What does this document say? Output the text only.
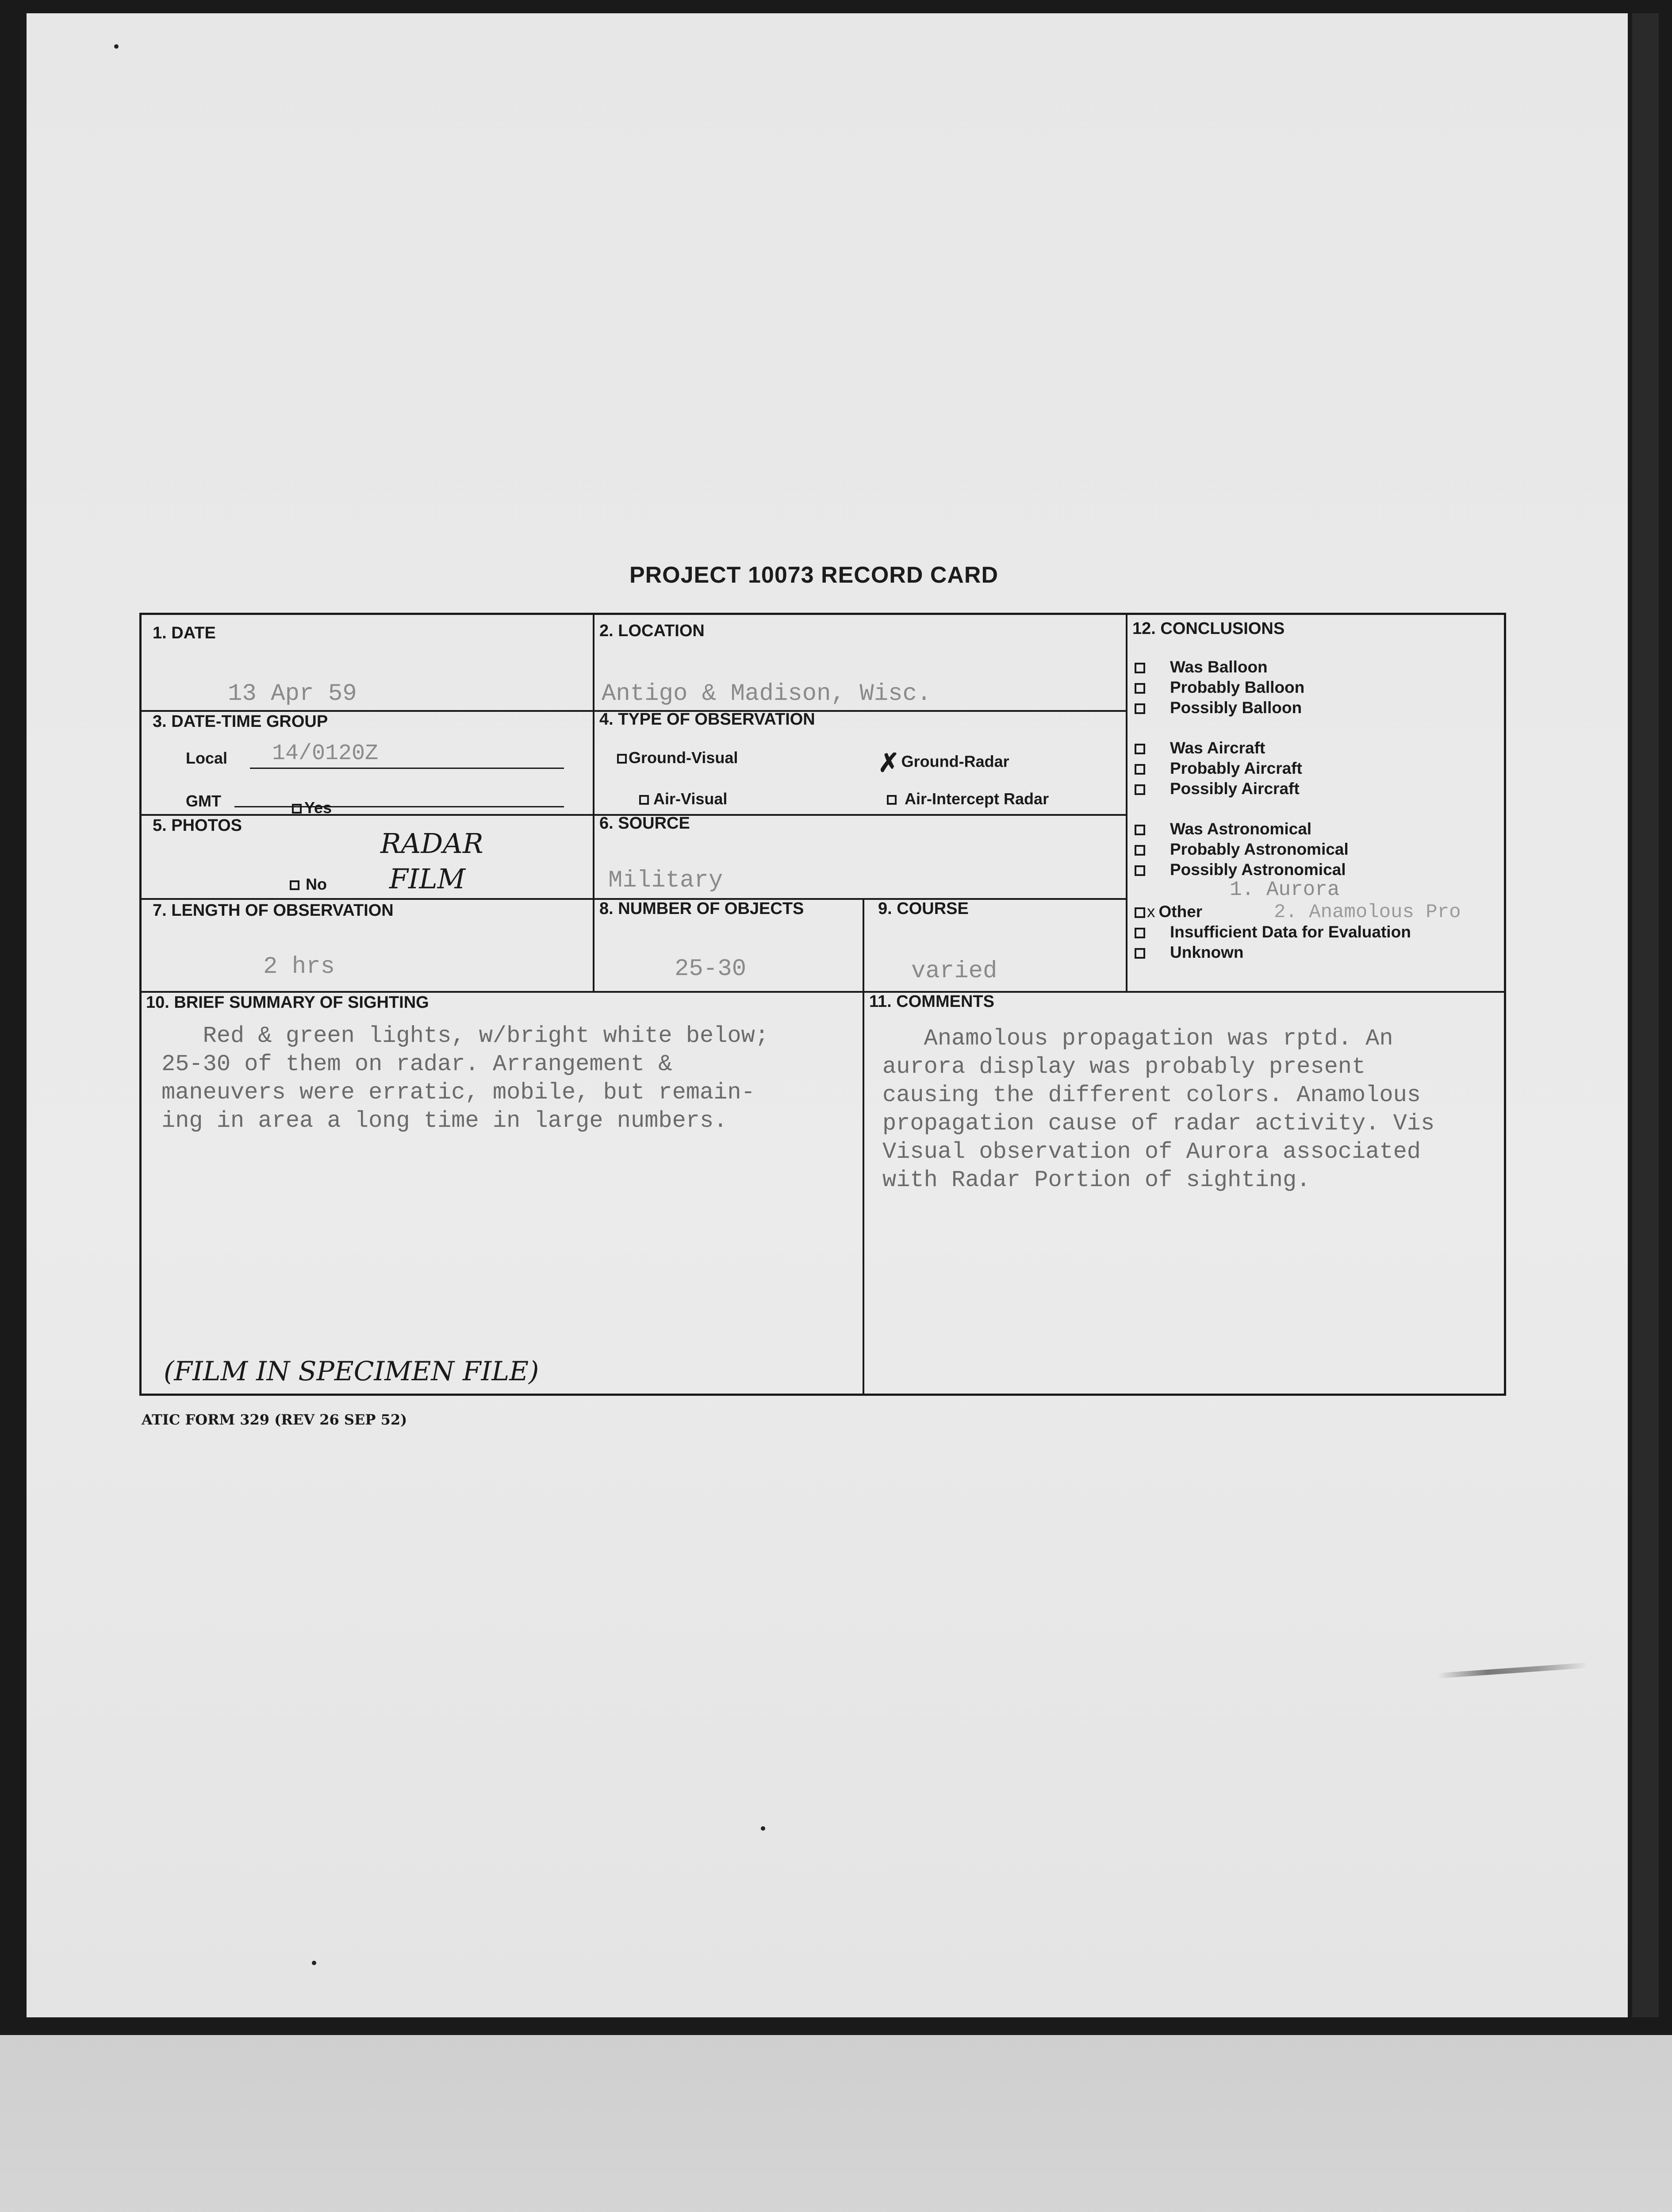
PROJECT 10073 RECORD CARD
1. DATE
13 Apr 59
2. LOCATION
Antigo & Madison, Wisc.
3. DATE-TIME GROUP
Local 14/0120Z
GMT
4. TYPE OF OBSERVATION
Ground-Visual	✗ Ground-Radar
Air-Visual	Air-Intercept Radar
5. PHOTOS
Yes
No
RADAR
FILM
6. SOURCE
Military
7. LENGTH OF OBSERVATION
2 hrs
8. NUMBER OF OBJECTS
25-30
9. COURSE
varied
10. BRIEF SUMMARY OF SIGHTING
Red & green lights, w/bright white below;
25-30 of them on radar. Arrangement &
maneuvers were erratic, mobile, but remain-
ing in area a long time in large numbers.
(FILM IN SPECIMEN FILE)
11. COMMENTS
Anamolous propagation was rptd. An
aurora display was probably present
causing the different colors. Anamolous
propagation cause of radar activity. Vis
Visual observation of Aurora associated
with Radar Portion of sighting.
12. CONCLUSIONS
Was Balloon
Probably Balloon
Possibly Balloon
Was Aircraft
Probably Aircraft
Possibly Aircraft
Was Astronomical
Probably Astronomical
Possibly Astronomical
1. Aurora
x Other	2. Anamolous Pro
Insufficient Data for Evaluation
Unknown
ATIC FORM 329 (REV 26 SEP 52)
